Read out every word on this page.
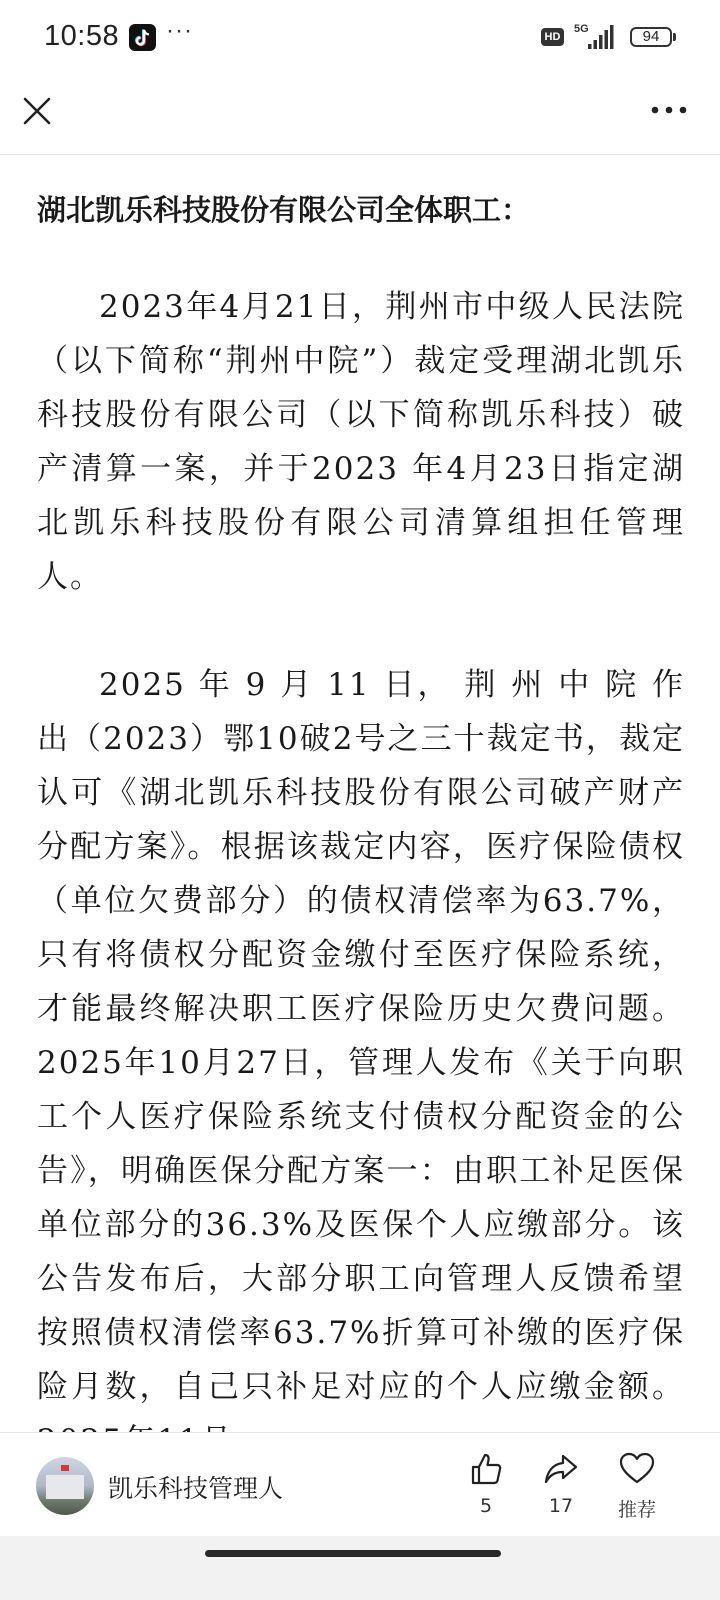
10:58 ···	HD
5G	94

湖北凯乐科技股份有限公司全体职工：

2023年4月21日，荆州市中级人民法院（以下简称“荆州中院”）裁定受理湖北凯乐科技股份有限公司（以下简称凯乐科技）破产清算一案，并于2023 年4月23日指定湖北凯乐科技股份有限公司清算组担任管理人。

2025 年 9 月 11 日， 荆 州 中 院 作 出（2023）鄂10破2号之三十裁定书，裁定认可《湖北凯乐科技股份有限公司破产财产分配方案》。根据该裁定内容，医疗保险债权（单位欠费部分）的债权清偿率为63.7%，只有将债权分配资金缴付至医疗保险系统，才能最终解决职工医疗保险历史欠费问题。2025年10月27日，管理人发布《关于向职工个人医疗保险系统支付债权分配资金的公告》，明确医保分配方案一：由职工补足医保单位部分的36.3%及医保个人应缴部分。该公告发布后，大部分职工向管理人反馈希望按照债权清偿率63.7%折算可补缴的医疗保险月数，自己只补足对应的个人应缴金额。

凯乐科技管理人
5	17	推荐
